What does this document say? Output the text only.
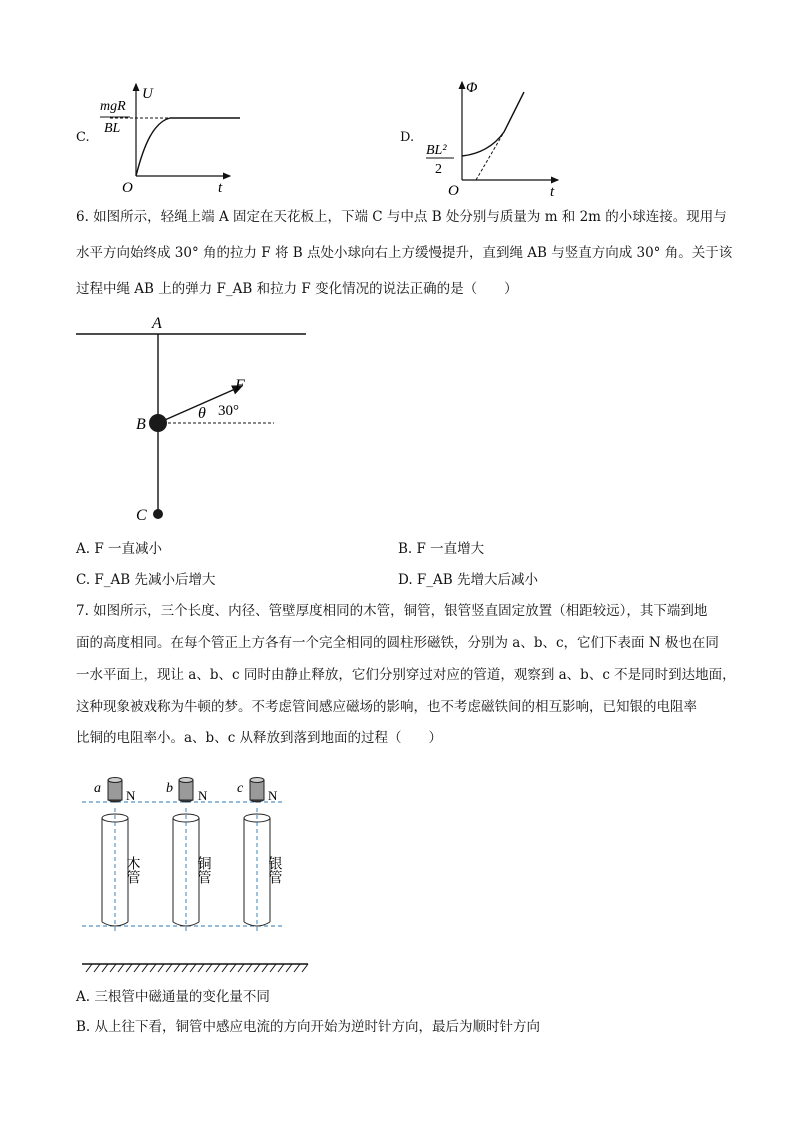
C.
mgR
BL
U
t
O
D.
BL²
2
Φ
t
O
6. 如图所示，轻绳上端 A 固定在天花板上，下端 C 与中点 B 处分别与质量为 m 和 2m 的小球连接。现用与
水平方向始终成 30° 角的拉力 F 将 B 点处小球向右上方缓慢提升，直到绳 AB 与竖直方向成 30° 角。关于该
过程中绳 AB 上的弹力 F_AB 和拉力 F 变化情况的说法正确的是（　　）
A
B
C
F
θ 30°
A. F 一直减小	B. F 一直增大
C. F_AB 先减小后增大	D. F_AB 先增大后减小
7. 如图所示，三个长度、内径、管壁厚度相同的木管，铜管，银管竖直固定放置（相距较远），其下端到地
面的高度相同。在每个管正上方各有一个完全相同的圆柱形磁铁，分别为 a、b、c，它们下表面 N 极也在同
一水平面上，现让 a、b、c 同时由静止释放，它们分别穿过对应的管道，观察到 a、b、c 不是同时到达地面，
这种现象被戏称为牛顿的梦。不考虑管间感应磁场的影响，也不考虑磁铁间的相互影响，已知银的电阻率
比铜的电阻率小。a、b、c 从释放到落到地面的过程（　　）
a N b N c N
木管	铜管	银管
A. 三根管中磁通量的变化量不同
B. 从上往下看，铜管中感应电流的方向开始为逆时针方向，最后为顺时针方向
